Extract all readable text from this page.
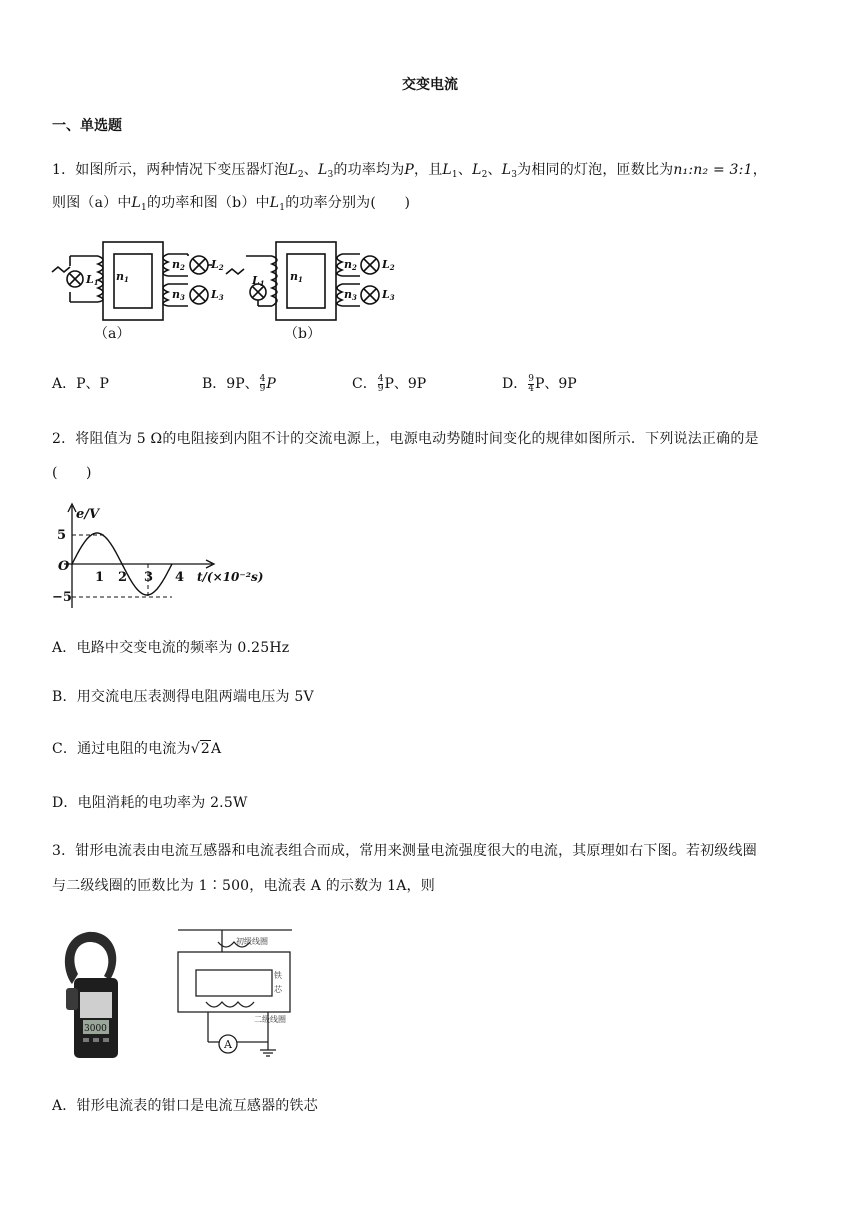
交变电流
一、单选题
1．如图所示，两种情况下变压器灯泡$L_2$、$L_3$的功率均为P，且$L_1$、$L_2$、$L_3$为相同的灯泡，匝数比为n₁:n₂ = 3:1，
则图（a）中$L_1$的功率和图（b）中$L_1$的功率分别为(　　)
L1 n1
n2
n3
L2
L3
L1
n1
n2
n3
L2
L3
（a）	（b）
A．P、P	B．9P、 $\frac{4}{9}$ P	C． $\frac{4}{9}$ P、9P	D． $\frac{9}{4}$ P、9P
2．将阻值为 5 Ω的电阻接到内阻不计的交流电源上，电源电动势随时间变化的规律如图所示．下列说法正确的是
(　　)
e/V
5
O
−5
1 2 3 4 t/(×10⁻²s)
A．电路中交变电流的频率为 0.25Hz
B．用交流电压表测得电阻两端电压为 5V
C．通过电阻的电流为√2A
D．电阻消耗的电功率为 2.5W
3．钳形电流表由电流互感器和电流表组合而成，常用来测量电流强度很大的电流，其原理如右下图。若初级线圈
与二级线圈的匝数比为 1∶500，电流表 A 的示数为 1A，则
3000
A
初级线圈
铁
芯
二级线圈
A．钳形电流表的钳口是电流互感器的铁芯
